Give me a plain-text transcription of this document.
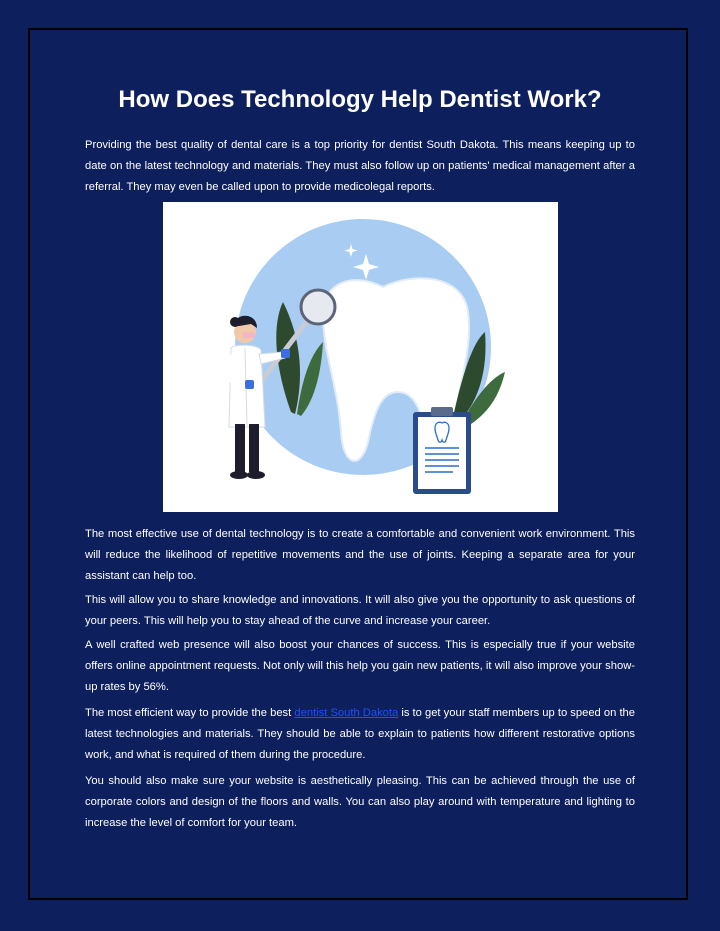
How Does Technology Help Dentist Work?

Providing the best quality of dental care is a top priority for dentist South Dakota. This means keeping up to date on the latest technology and materials. They must also follow up on patients' medical management after a referral. They may even be called upon to provide medicolegal reports.

The most effective use of dental technology is to create a comfortable and convenient work environment. This will reduce the likelihood of repetitive movements and the use of joints. Keeping a separate area for your assistant can help too.

This will allow you to share knowledge and innovations. It will also give you the opportunity to ask questions of your peers. This will help you to stay ahead of the curve and increase your career.

A well crafted web presence will also boost your chances of success. This is especially true if your website offers online appointment requests. Not only will this help you gain new patients, it will also improve your show-up rates by 56%.

The most efficient way to provide the best dentist South Dakota is to get your staff members up to speed on the latest technologies and materials. They should be able to explain to patients how different restorative options work, and what is required of them during the procedure.

You should also make sure your website is aesthetically pleasing. This can be achieved through the use of corporate colors and design of the floors and walls. You can also play around with temperature and lighting to increase the level of comfort for your team.
